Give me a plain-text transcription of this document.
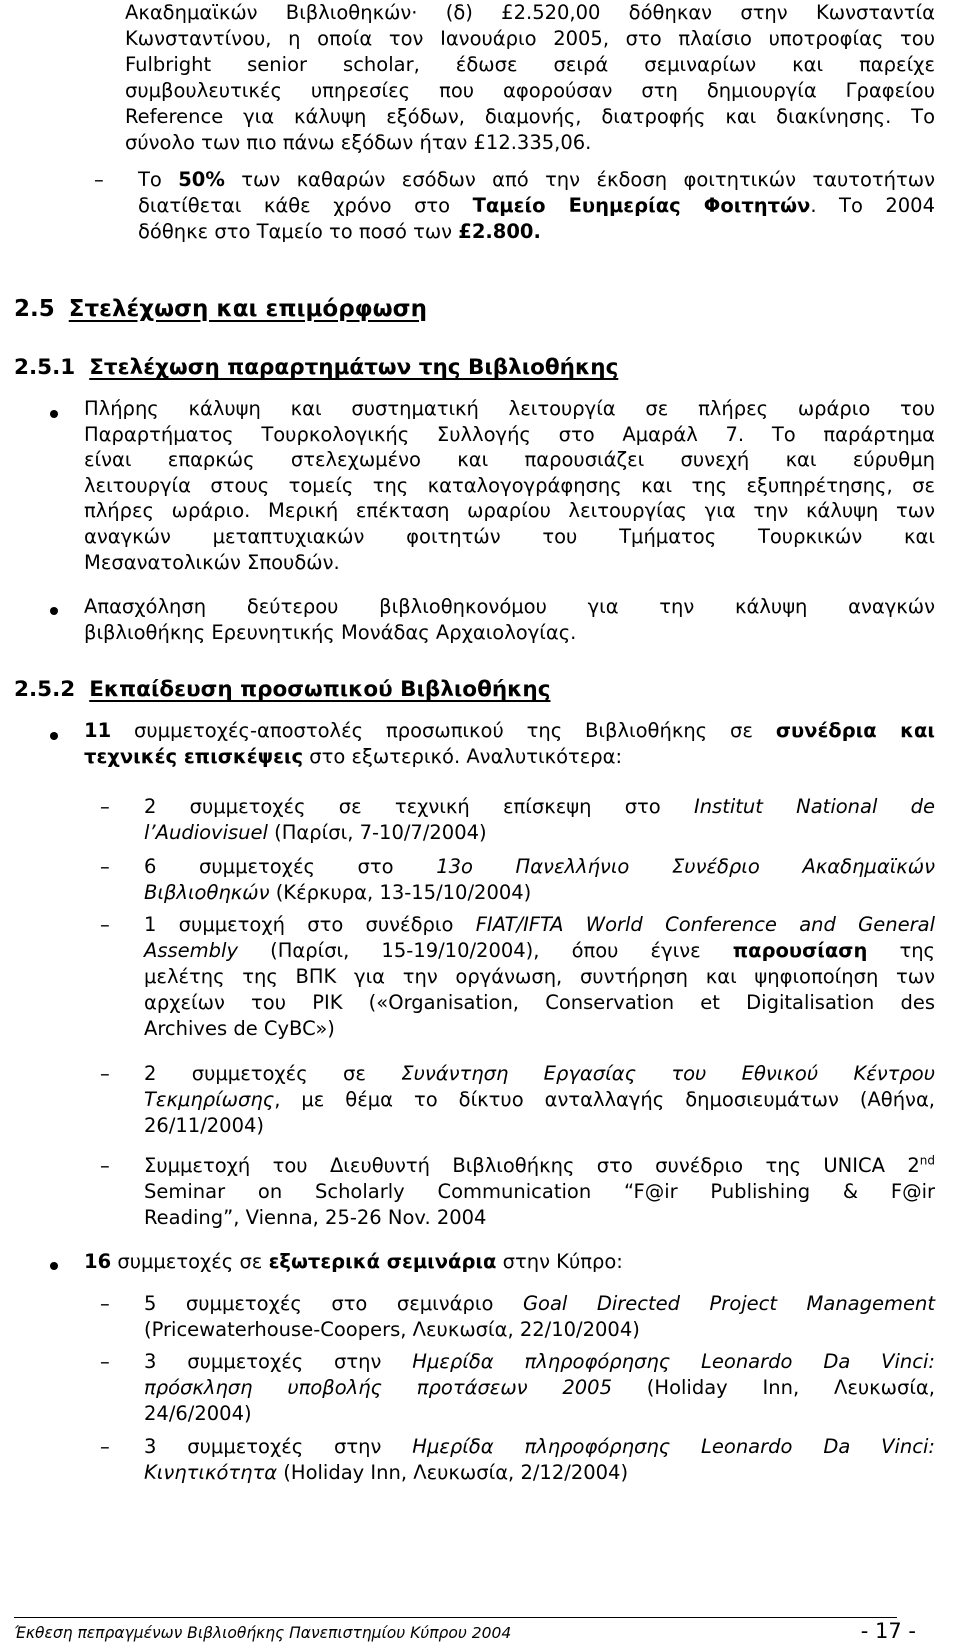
Ακαδημαϊκών Βιβλιοθηκών· (δ) £2.520,00 δόθηκαν στην Κωνσταντία
Κωνσταντίνου, η οποία τον Ιανουάριο 2005, στο πλαίσιο υποτροφίας του
Fulbright senior scholar, έδωσε σειρά σεμιναρίων και παρείχε
συμβουλευτικές υπηρεσίες που αφορούσαν στη δημιουργία Γραφείου
Reference για κάλυψη εξόδων, διαμονής, διατροφής και διακίνησης. Το
σύνολο των πιο πάνω εξόδων ήταν £12.335,06.
– Το 50% των καθαρών εσόδων από την έκδοση φοιτητικών ταυτοτήτων
διατίθεται κάθε χρόνο στο Ταμείο Ευημερίας Φοιτητών. Το 2004
δόθηκε στο Ταμείο το ποσό των £2.800.
2.5 Στελέχωση και επιμόρφωση
2.5.1 Στελέχωση παραρτημάτων της Βιβλιοθήκης
Πλήρης κάλυψη και συστηματική λειτουργία σε πλήρες ωράριο του
Παραρτήματος Τουρκολογικής Συλλογής στο Αμαράλ 7. Το παράρτημα
είναι επαρκώς στελεχωμένο και παρουσιάζει συνεχή και εύρυθμη
λειτουργία στους τομείς της καταλογογράφησης και της εξυπηρέτησης, σε
πλήρες ωράριο. Μερική επέκταση ωραρίου λειτουργίας για την κάλυψη των
αναγκών μεταπτυχιακών φοιτητών του Τμήματος Τουρκικών και
Μεσανατολικών Σπουδών.
Απασχόληση δεύτερου βιβλιοθηκονόμου για την κάλυψη αναγκών
βιβλιοθήκης Ερευνητικής Μονάδας Αρχαιολογίας.
2.5.2 Εκπαίδευση προσωπικού Βιβλιοθήκης
11 συμμετοχές-αποστολές προσωπικού της Βιβλιοθήκης σε συνέδρια και
τεχνικές επισκέψεις στο εξωτερικό. Αναλυτικότερα:
– 2 συμμετοχές σε τεχνική επίσκεψη στο Institut National de
l’Audiovisuel (Παρίσι, 7-10/7/2004)
– 6 συμμετοχές στο 13ο Πανελλήνιο Συνέδριο Ακαδημαϊκών
Βιβλιοθηκών (Κέρκυρα, 13-15/10/2004)
– 1 συμμετοχή στο συνέδριο FIAT/IFTA World Conference and General
Assembly (Παρίσι, 15-19/10/2004), όπου έγινε παρουσίαση της
μελέτης της ΒΠΚ για την οργάνωση, συντήρηση και ψηφιοποίηση των
αρχείων του ΡΙΚ («Organisation, Conservation et Digitalisation des
Archives de CyBC»)
– 2 συμμετοχές σε Συνάντηση Εργασίας του Εθνικού Κέντρου
Τεκμηρίωσης, με θέμα το δίκτυο ανταλλαγής δημοσιευμάτων (Αθήνα,
26/11/2004)
– Συμμετοχή του Διευθυντή Βιβλιοθήκης στο συνέδριο της UNICA 2nd
Seminar on Scholarly Communication “F@ir Publishing & F@ir
Reading”, Vienna, 25-26 Nov. 2004
16 συμμετοχές σε εξωτερικά σεμινάρια στην Κύπρο:
– 5 συμμετοχές στο σεμινάριο Goal Directed Project Management
(Pricewaterhouse-Coopers, Λευκωσία, 22/10/2004)
– 3 συμμετοχές στην Ημερίδα πληροφόρησης Leonardo Da Vinci:
πρόσκληση υποβολής προτάσεων 2005 (Holiday Inn, Λευκωσία,
24/6/2004)
– 3 συμμετοχές στην Ημερίδα πληροφόρησης Leonardo Da Vinci:
Κινητικότητα (Holiday Inn, Λευκωσία, 2/12/2004)
Έκθεση πεπραγμένων Βιβλιοθήκης Πανεπιστημίου Κύπρου 2004	- 17 -
